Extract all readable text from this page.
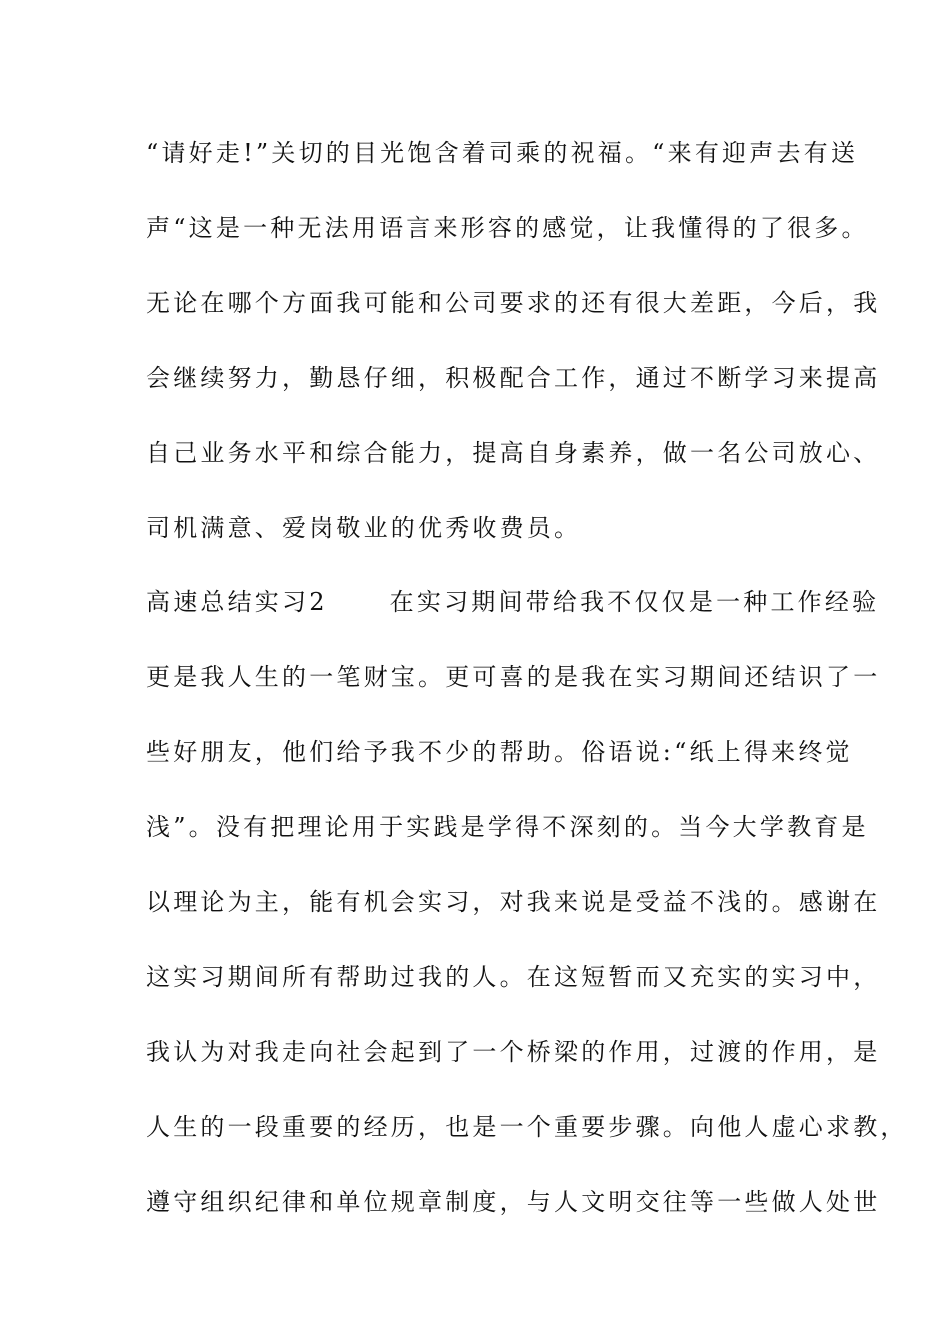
“请好走!”关切的目光饱含着司乘的祝福。“来有迎声去有送
声“这是一种无法用语言来形容的感觉，让我懂得的了很多。
无论在哪个方面我可能和公司要求的还有很大差距，今后，我
会继续努力，勤恳仔细，积极配合工作，通过不断学习来提高
自己业务水平和综合能力，提高自身素养，做一名公司放心、
司机满意、爱岗敬业的优秀收费员。
高速总结实习2	在实习期间带给我不仅仅是一种工作经验
更是我人生的一笔财宝。更可喜的是我在实习期间还结识了一
些好朋友，他们给予我不少的帮助。俗语说:“纸上得来终觉
浅”。没有把理论用于实践是学得不深刻的。当今大学教育是
以理论为主，能有机会实习，对我来说是受益不浅的。感谢在
这实习期间所有帮助过我的人。在这短暂而又充实的实习中，
我认为对我走向社会起到了一个桥梁的作用，过渡的作用，是
人生的一段重要的经历，也是一个重要步骤。向他人虚心求教，
遵守组织纪律和单位规章制度，与人文明交往等一些做人处世
